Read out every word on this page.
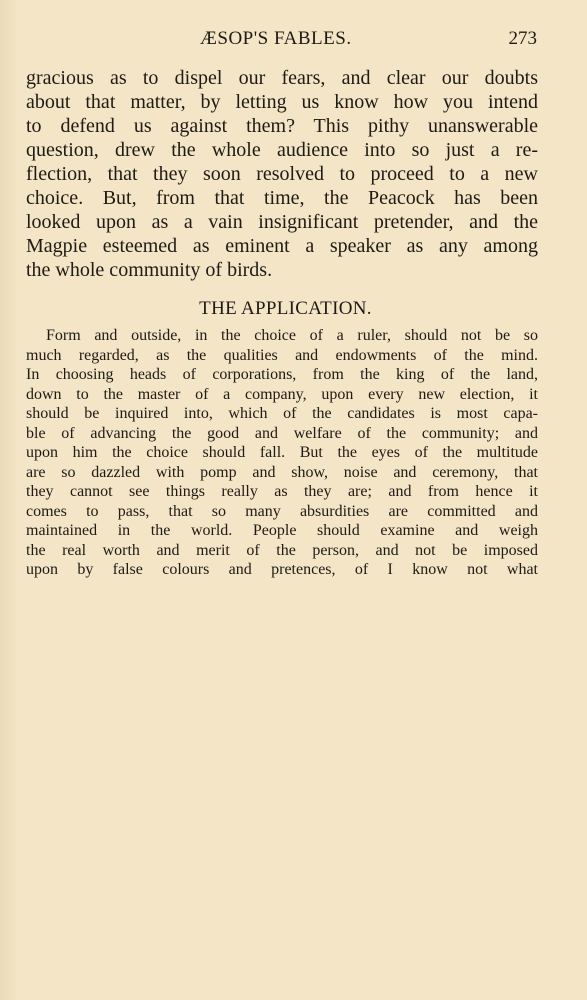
ÆSOP'S FABLES.	273
gracious as to dispel our fears, and clear our doubts
about that matter, by letting us know how you intend
to defend us against them? This pithy unanswerable
question, drew the whole audience into so just a re-
flection, that they soon resolved to proceed to a new
choice. But, from that time, the Peacock has been
looked upon as a vain insignificant pretender, and the
Magpie esteemed as eminent a speaker as any among
the whole community of birds.
THE APPLICATION.
Form and outside, in the choice of a ruler, should not be so
much regarded, as the qualities and endowments of the mind.
In choosing heads of corporations, from the king of the land,
down to the master of a company, upon every new election, it
should be inquired into, which of the candidates is most capa-
ble of advancing the good and welfare of the community; and
upon him the choice should fall. But the eyes of the multitude
are so dazzled with pomp and show, noise and ceremony, that
they cannot see things really as they are; and from hence it
comes to pass, that so many absurdities are committed and
maintained in the world. People should examine and weigh
the real worth and merit of the person, and not be imposed
upon by false colours and pretences, of I know not what
